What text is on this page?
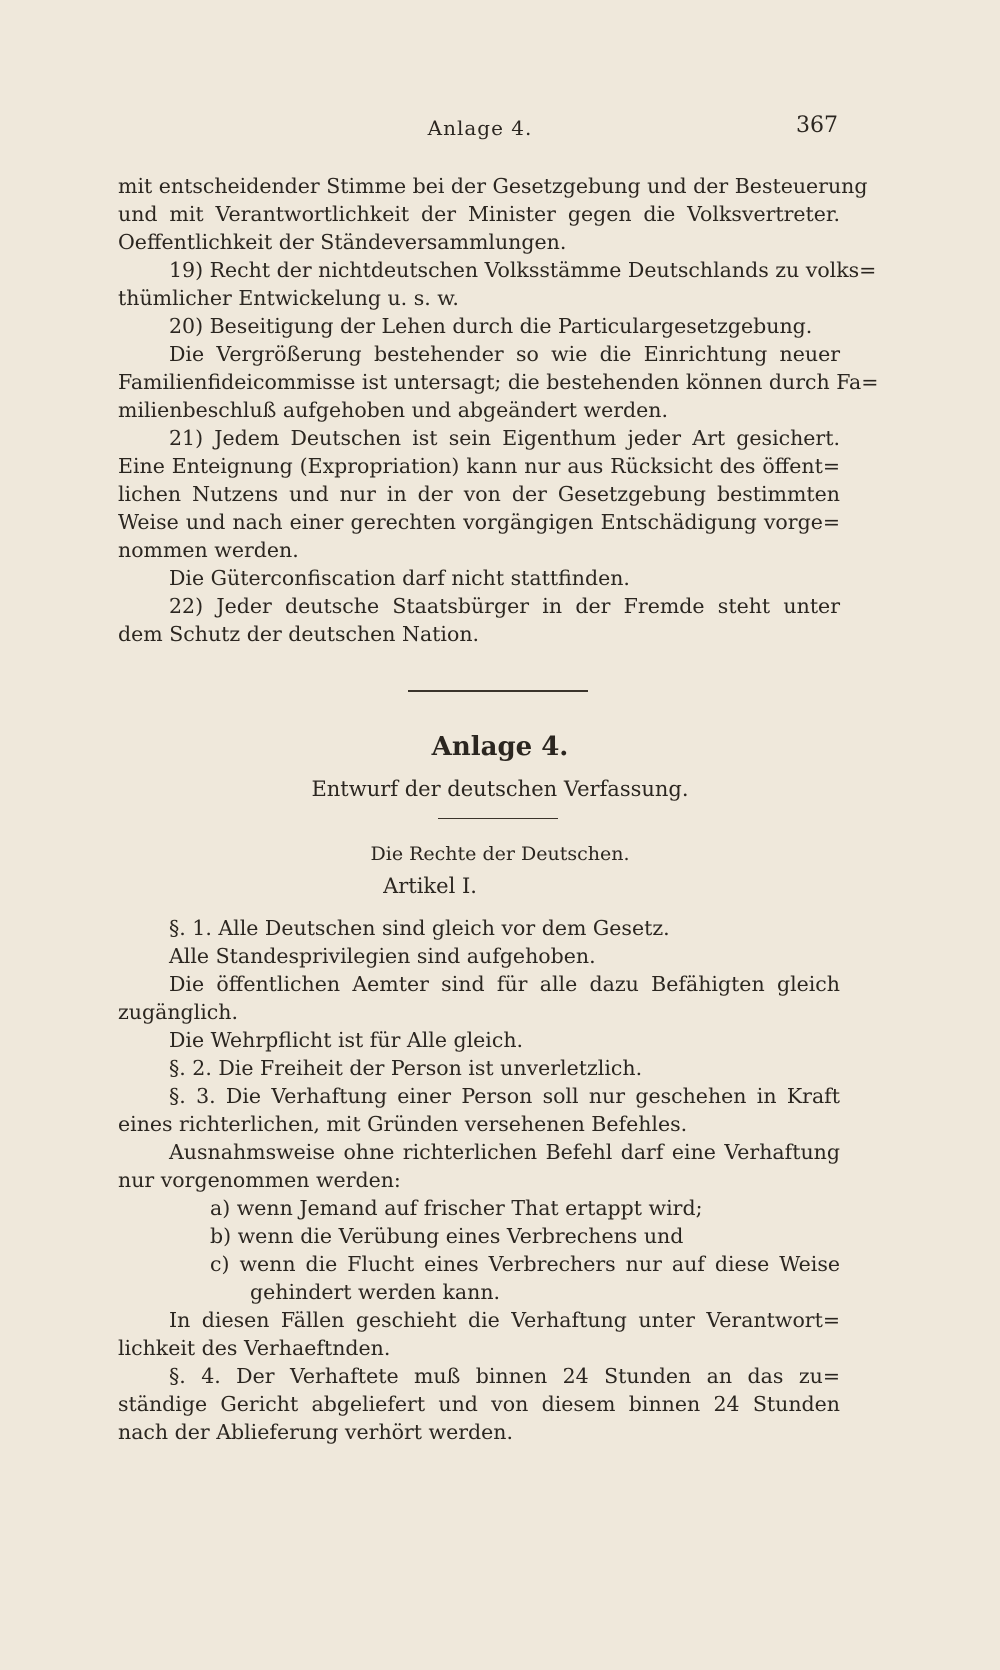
Anlage 4.	367
mit entscheidender Stimme bei der Gesetzgebung und der Besteuerung
und mit Verantwortlichkeit der Minister gegen die Volksvertreter.
Oeffentlichkeit der Ständeversammlungen.
19) Recht der nichtdeutschen Volksstämme Deutschlands zu volks=
thümlicher Entwickelung u. s. w.
20) Beseitigung der Lehen durch die Particulargesetzgebung.
Die Vergrößerung bestehender so wie die Einrichtung neuer
Familienfideicommisse ist untersagt; die bestehenden können durch Fa=
milienbeschluß aufgehoben und abgeändert werden.
21) Jedem Deutschen ist sein Eigenthum jeder Art gesichert.
Eine Enteignung (Expropriation) kann nur aus Rücksicht des öffent=
lichen Nutzens und nur in der von der Gesetzgebung bestimmten
Weise und nach einer gerechten vorgängigen Entschädigung vorge=
nommen werden.
Die Güterconfiscation darf nicht stattfinden.
22) Jeder deutsche Staatsbürger in der Fremde steht unter
dem Schutz der deutschen Nation.
Anlage 4.
Entwurf der deutschen Verfassung.
Die Rechte der Deutschen.
Artikel I.
§. 1. Alle Deutschen sind gleich vor dem Gesetz.
Alle Standesprivilegien sind aufgehoben.
Die öffentlichen Aemter sind für alle dazu Befähigten gleich
zugänglich.
Die Wehrpflicht ist für Alle gleich.
§. 2. Die Freiheit der Person ist unverletzlich.
§. 3. Die Verhaftung einer Person soll nur geschehen in Kraft
eines richterlichen, mit Gründen versehenen Befehles.
Ausnahmsweise ohne richterlichen Befehl darf eine Verhaftung
nur vorgenommen werden:
a) wenn Jemand auf frischer That ertappt wird;
b) wenn die Verübung eines Verbrechens und
c) wenn die Flucht eines Verbrechers nur auf diese Weise
gehindert werden kann.
In diesen Fällen geschieht die Verhaftung unter Verantwort=
lichkeit des Verhaeftnden.
§. 4. Der Verhaftete muß binnen 24 Stunden an das zu=
ständige Gericht abgeliefert und von diesem binnen 24 Stunden
nach der Ablieferung verhört werden.
